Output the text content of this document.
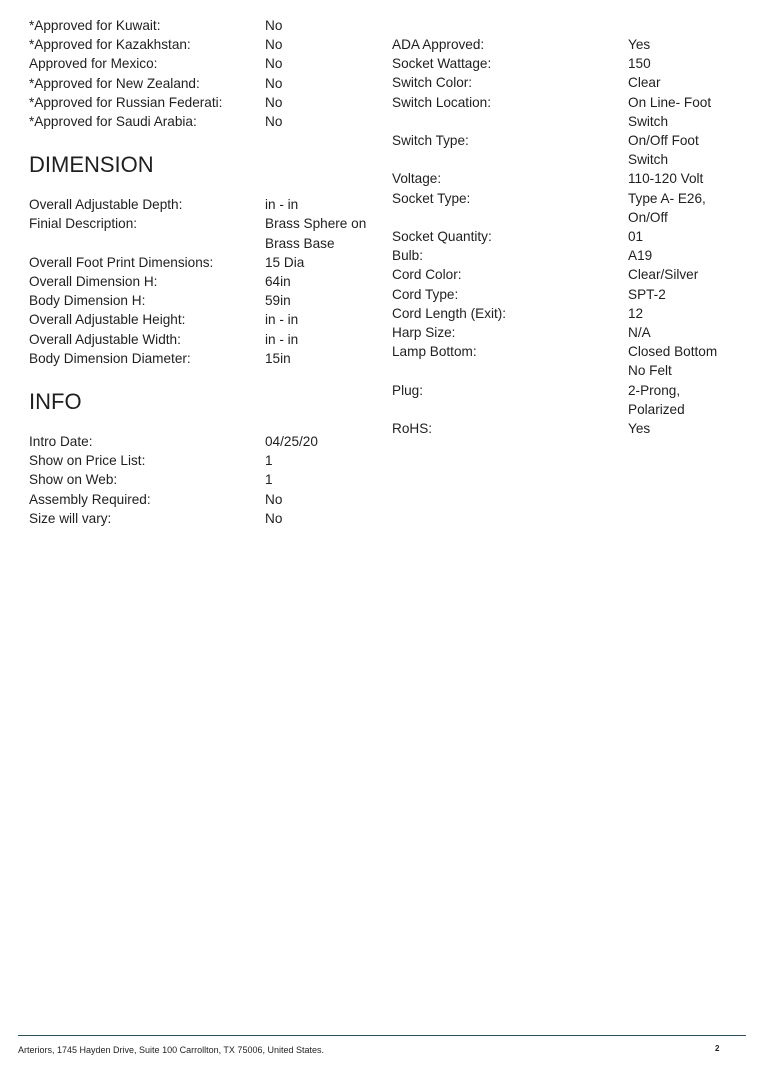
*Approved for Kuwait:	No
*Approved for Kazakhstan:	No
Approved for Mexico:	No
*Approved for New Zealand:	No
*Approved for Russian Federati:	No
*Approved for Saudi Arabia:	No
DIMENSION
Overall Adjustable Depth:	in - in
Finial Description:	Brass Sphere on Brass Base
Overall Foot Print Dimensions:	15 Dia
Overall Dimension H:	64in
Body Dimension H:	59in
Overall Adjustable Height:	in - in
Overall Adjustable Width:	in - in
Body Dimension Diameter:	15in
INFO
Intro Date:	04/25/20
Show on Price List:	1
Show on Web:	1
Assembly Required:	No
Size will vary:	No
ADA Approved:	Yes
Socket Wattage:	150
Switch Color:	Clear
Switch Location:	On Line- Foot Switch
Switch Type:	On/Off Foot Switch
Voltage:	110-120 Volt
Socket Type:	Type A- E26, On/Off
Socket Quantity:	01
Bulb:	A19
Cord Color:	Clear/Silver
Cord Type:	SPT-2
Cord Length (Exit):	12
Harp Size:	N/A
Lamp Bottom:	Closed Bottom No Felt
Plug:	2-Prong, Polarized
RoHS:	Yes
Arteriors, 1745 Hayden Drive, Suite 100 Carrollton, TX 75006, United States.	2
